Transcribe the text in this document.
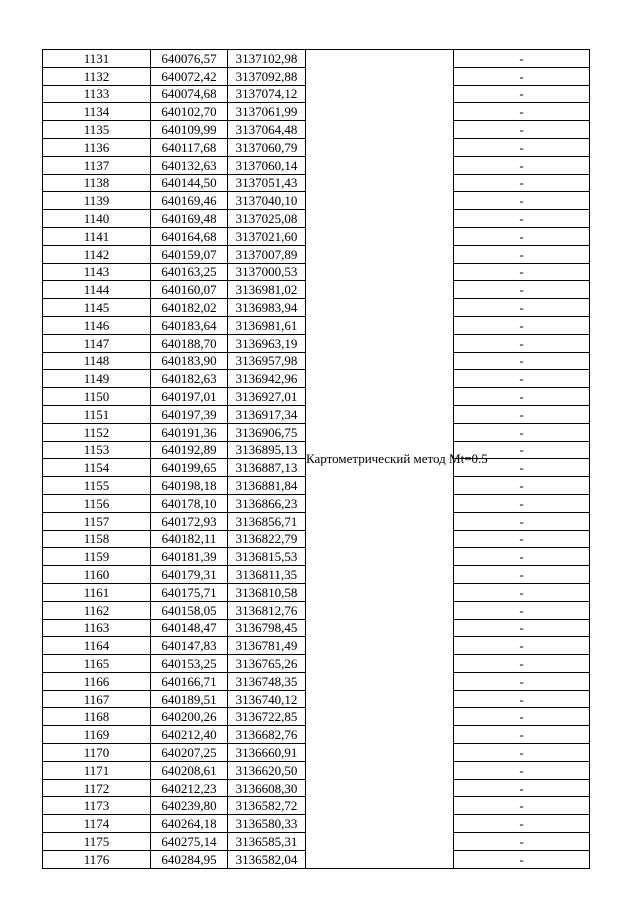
1131	640076,57	3137102,98	Картометрический метод Mt=0.5	-
1132	640072,42	3137092,88		-
1133	640074,68	3137074,12		-
1134	640102,70	3137061,99		-
1135	640109,99	3137064,48		-
1136	640117,68	3137060,79		-
1137	640132,63	3137060,14		-
1138	640144,50	3137051,43		-
1139	640169,46	3137040,10		-
1140	640169,48	3137025,08		-
1141	640164,68	3137021,60		-
1142	640159,07	3137007,89		-
1143	640163,25	3137000,53		-
1144	640160,07	3136981,02		-
1145	640182,02	3136983,94		-
1146	640183,64	3136981,61		-
1147	640188,70	3136963,19		-
1148	640183,90	3136957,98		-
1149	640182,63	3136942,96		-
1150	640197,01	3136927,01		-
1151	640197,39	3136917,34		-
1152	640191,36	3136906,75		-
1153	640192,89	3136895,13		-
1154	640199,65	3136887,13		-
1155	640198,18	3136881,84		-
1156	640178,10	3136866,23		-
1157	640172,93	3136856,71		-
1158	640182,11	3136822,79		-
1159	640181,39	3136815,53		-
1160	640179,31	3136811,35		-
1161	640175,71	3136810,58		-
1162	640158,05	3136812,76		-
1163	640148,47	3136798,45		-
1164	640147,83	3136781,49		-
1165	640153,25	3136765,26		-
1166	640166,71	3136748,35		-
1167	640189,51	3136740,12		-
1168	640200,26	3136722,85		-
1169	640212,40	3136682,76		-
1170	640207,25	3136660,91		-
1171	640208,61	3136620,50		-
1172	640212,23	3136608,30		-
1173	640239,80	3136582,72		-
1174	640264,18	3136580,33		-
1175	640275,14	3136585,31		-
1176	640284,95	3136582,04		-
